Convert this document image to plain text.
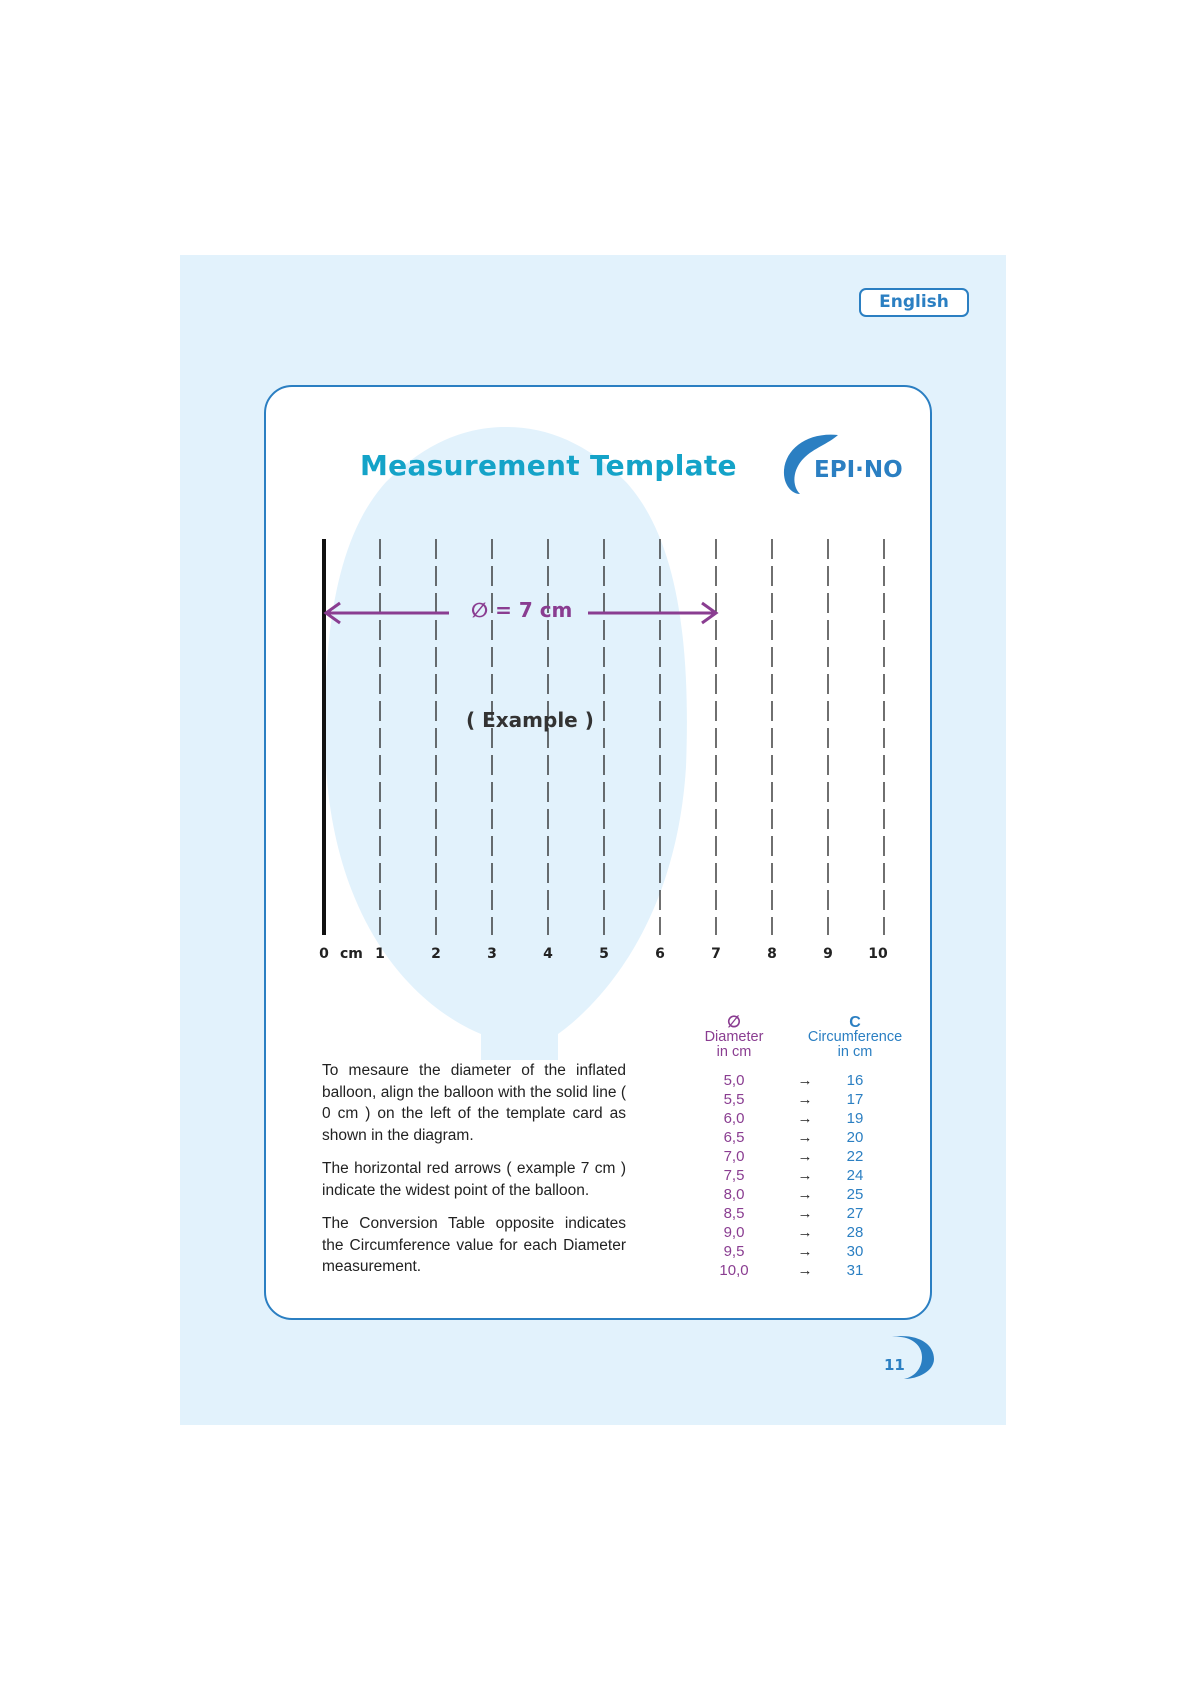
English
Measurement Template	EPI·NO
0	1	2	3	4	5	6	7	8	9	10
cm
∅ = 7 cm
( Example )

To mesaure the diameter of the inflated balloon, align the balloon with the solid line ( 0 cm ) on the left of the template card as shown in the diagram.

The horizontal red arrows ( example 7 cm ) indicate the widest point of the balloon.

The Conversion Table opposite indicates the Circumference value for each Diameter measurement.

∅
Diameter
in cm
C
Circumference
in cm
5,0	→	16
5,5	→	17
6,0	→	19
6,5	→	20
7,0	→	22
7,5	→	24
8,0	→	25
8,5	→	27
9,0	→	28
9,5	→	30
10,0	→	31
11
